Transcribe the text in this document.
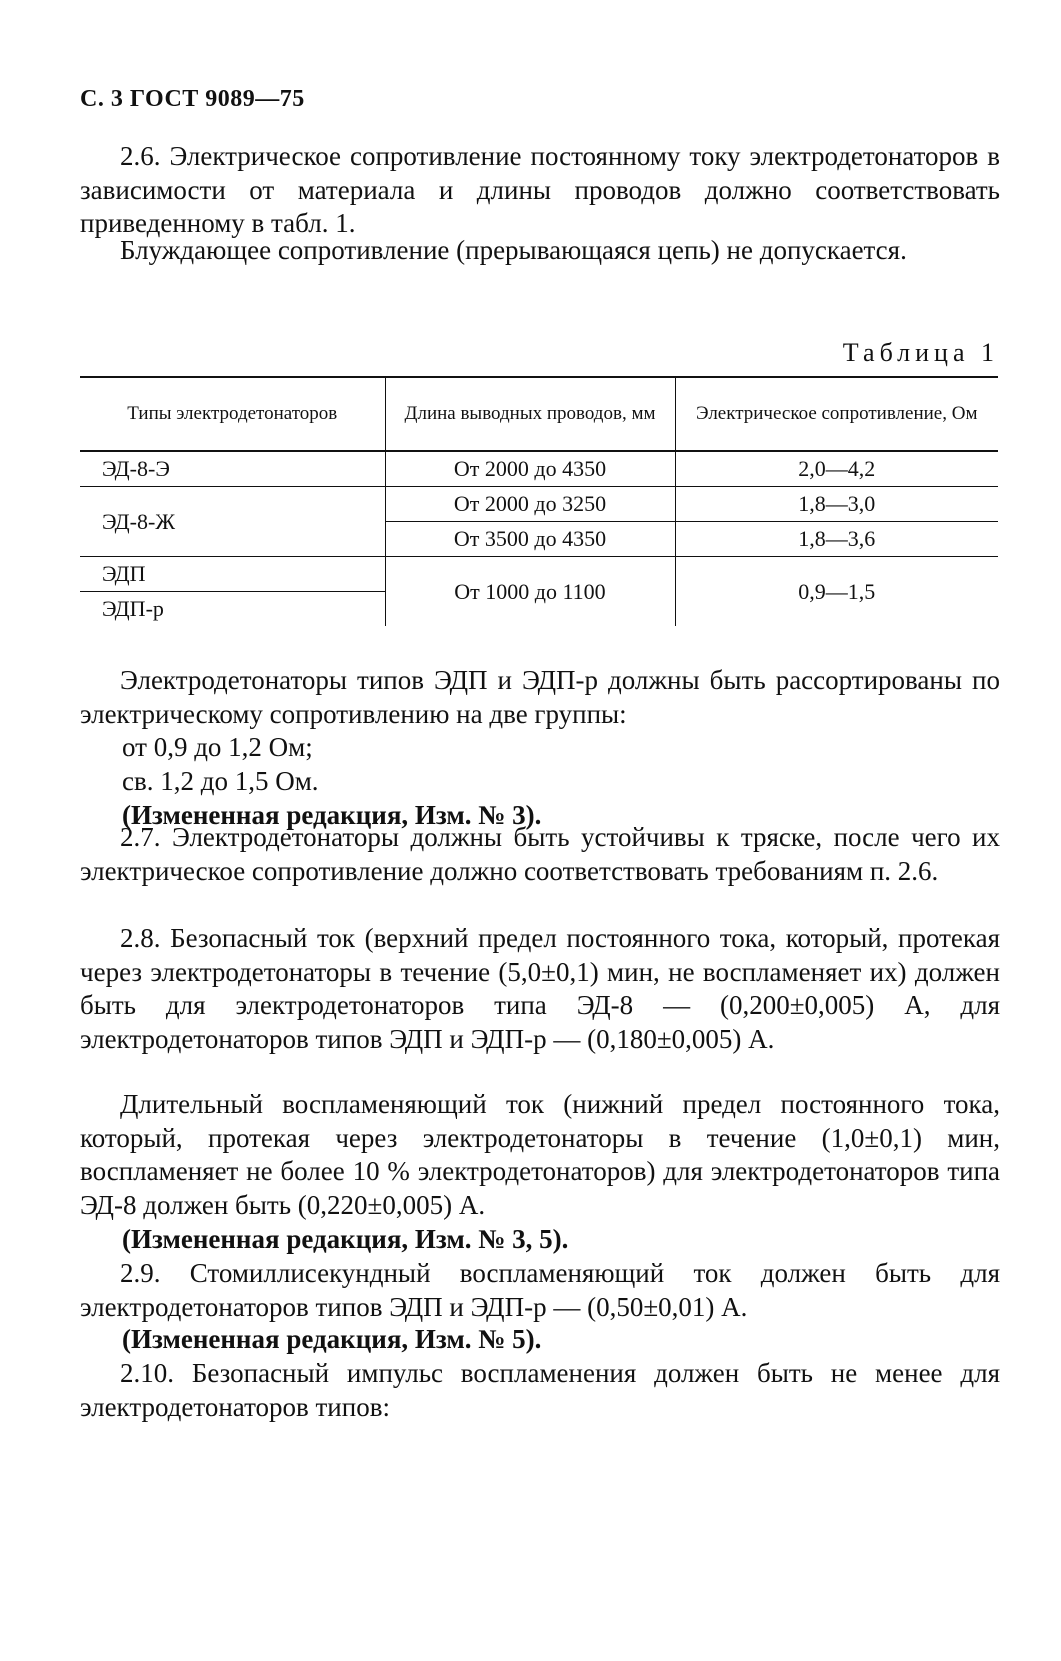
С. 3 ГОСТ 9089—75

2.6. Электрическое сопротивление постоянному току электродетонаторов в зависимости от материала и длины проводов должно соответствовать приведенному в табл. 1.

Блуждающее сопротивление (прерывающаяся цепь) не допускается.

Таблица 1
Типы электродетонаторов	Длина выводных проводов, мм	Электрическое сопротивление, Ом
ЭД-8-Э	От 2000 до 4350	2,0—4,2
ЭД-8-Ж	От 2000 до 3250	1,8—3,0
	От 3500 до 4350	1,8—3,6
ЭДП	От 1000 до 1100	0,9—1,5
ЭДП-р		

Электродетонаторы типов ЭДП и ЭДП-р должны быть рассортированы по электрическому сопротивлению на две группы:

от 0,9 до 1,2 Ом;

св. 1,2 до 1,5 Ом.

(Измененная редакция, Изм. № 3).

2.7. Электродетонаторы должны быть устойчивы к тряске, после чего их электрическое сопротивление должно соответствовать требованиям п. 2.6.

2.8. Безопасный ток (верхний предел постоянного тока, который, протекая через электродетонаторы в течение (5,0±0,1) мин, не воспламеняет их) должен быть для электродетонаторов типа ЭД-8 — (0,200±0,005) А, для электродетонаторов типов ЭДП и ЭДП-р — (0,180±0,005) А.

Длительный воспламеняющий ток (нижний предел постоянного тока, который, протекая через электродетонаторы в течение (1,0±0,1) мин, воспламеняет не более 10 % электродетонаторов) для электродетонаторов типа ЭД-8 должен быть (0,220±0,005) А.

(Измененная редакция, Изм. № 3, 5).

2.9. Стомиллисекундный воспламеняющий ток должен быть для электродетонаторов типов ЭДП и ЭДП-р — (0,50±0,01) А.

(Измененная редакция, Изм. № 5).

2.10. Безопасный импульс воспламенения должен быть не менее для электродетонаторов типов:
